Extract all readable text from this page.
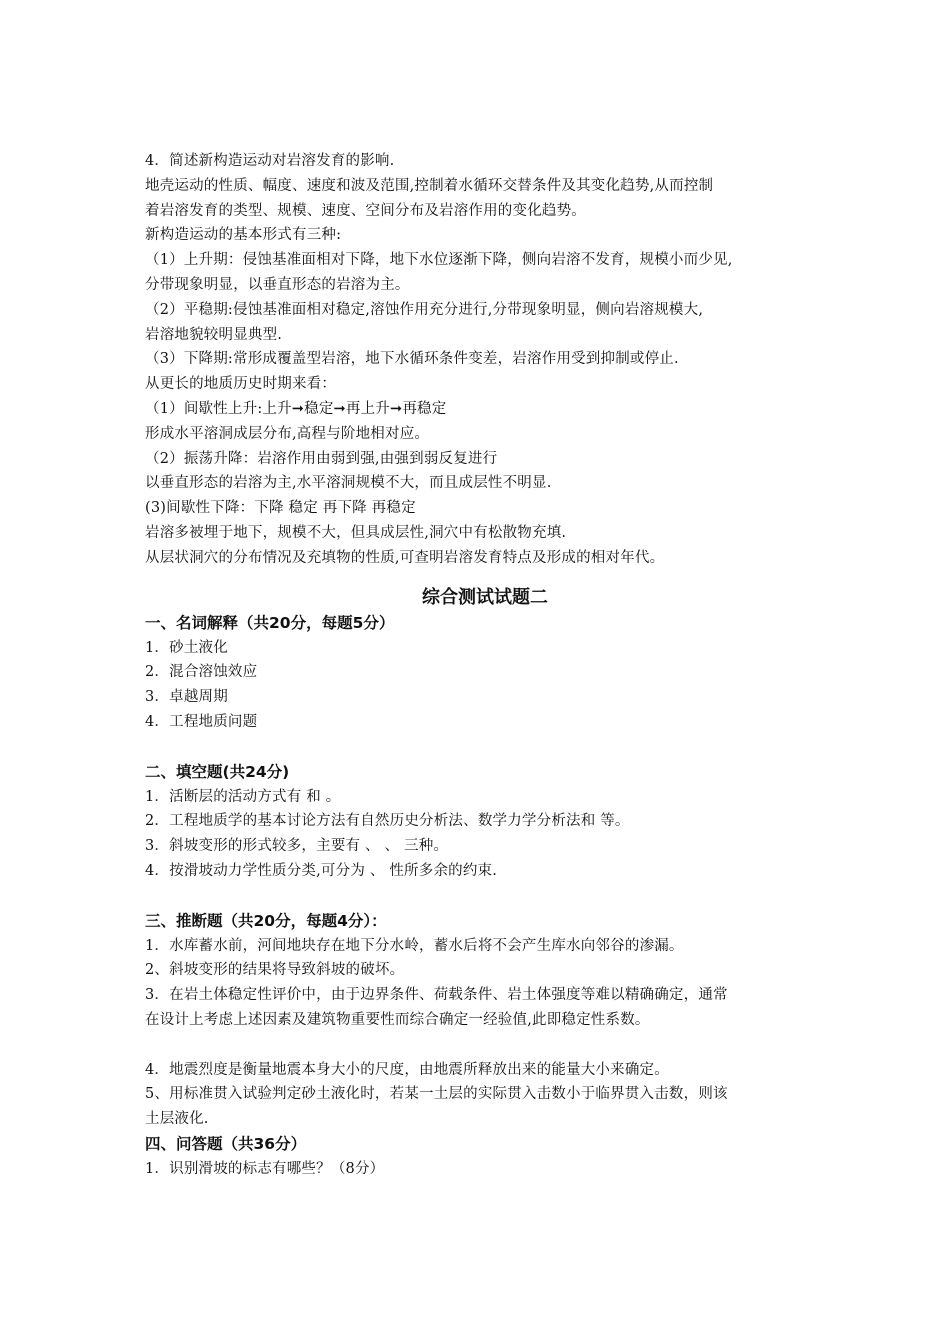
4．简述新构造运动对岩溶发育的影响.
地壳运动的性质、幅度、速度和波及范围,控制着水循环交替条件及其变化趋势,从而控制
着岩溶发育的类型、规模、速度、空间分布及岩溶作用的变化趋势。
新构造运动的基本形式有三种:
（1）上升期：侵蚀基准面相对下降，地下水位逐渐下降，侧向岩溶不发育，规模小而少见,
分带现象明显，以垂直形态的岩溶为主。
（2）平稳期:侵蚀基准面相对稳定,溶蚀作用充分进行,分带现象明显，侧向岩溶规模大,
岩溶地貌较明显典型.
（3）下降期:常形成覆盖型岩溶，地下水循环条件变差，岩溶作用受到抑制或停止.
从更长的地质历史时期来看：
（1）间歇性上升:上升➞稳定➞再上升➞再稳定
形成水平溶洞成层分布,高程与阶地相对应。
（2）振荡升降：岩溶作用由弱到强,由强到弱反复进行
以垂直形态的岩溶为主,水平溶洞规模不大，而且成层性不明显.
(3)间歇性下降：下降 稳定 再下降 再稳定
岩溶多被埋于地下，规模不大，但具成层性,洞穴中有松散物充填.
从层状洞穴的分布情况及充填物的性质,可查明岩溶发育特点及形成的相对年代。
综合测试试题二
一、名词解释（共20分，每题5分）
1．砂土液化
2．混合溶蚀效应
3．卓越周期
4．工程地质问题
二、填空题(共24分)
1．活断层的活动方式有 和 。
2．工程地质学的基本讨论方法有自然历史分析法、数学力学分析法和 等。
3．斜坡变形的形式较多，主要有 、 、 三种。
4．按滑坡动力学性质分类,可分为 、 性所多余的约束.
三、推断题（共20分，每题4分）：
1．水库蓄水前，河间地块存在地下分水岭，蓄水后将不会产生库水向邻谷的渗漏。
2、斜坡变形的结果将导致斜坡的破坏。
3．在岩土体稳定性评价中，由于边界条件、荷载条件、岩土体强度等难以精确确定，通常
在设计上考虑上述因素及建筑物重要性而综合确定一经验值,此即稳定性系数。
4．地震烈度是衡量地震本身大小的尺度，由地震所释放出来的能量大小来确定。
5、用标准贯入试验判定砂土液化时，若某一土层的实际贯入击数小于临界贯入击数，则该
土层液化.
四、问答题（共36分）
1．识别滑坡的标志有哪些？（8分）
